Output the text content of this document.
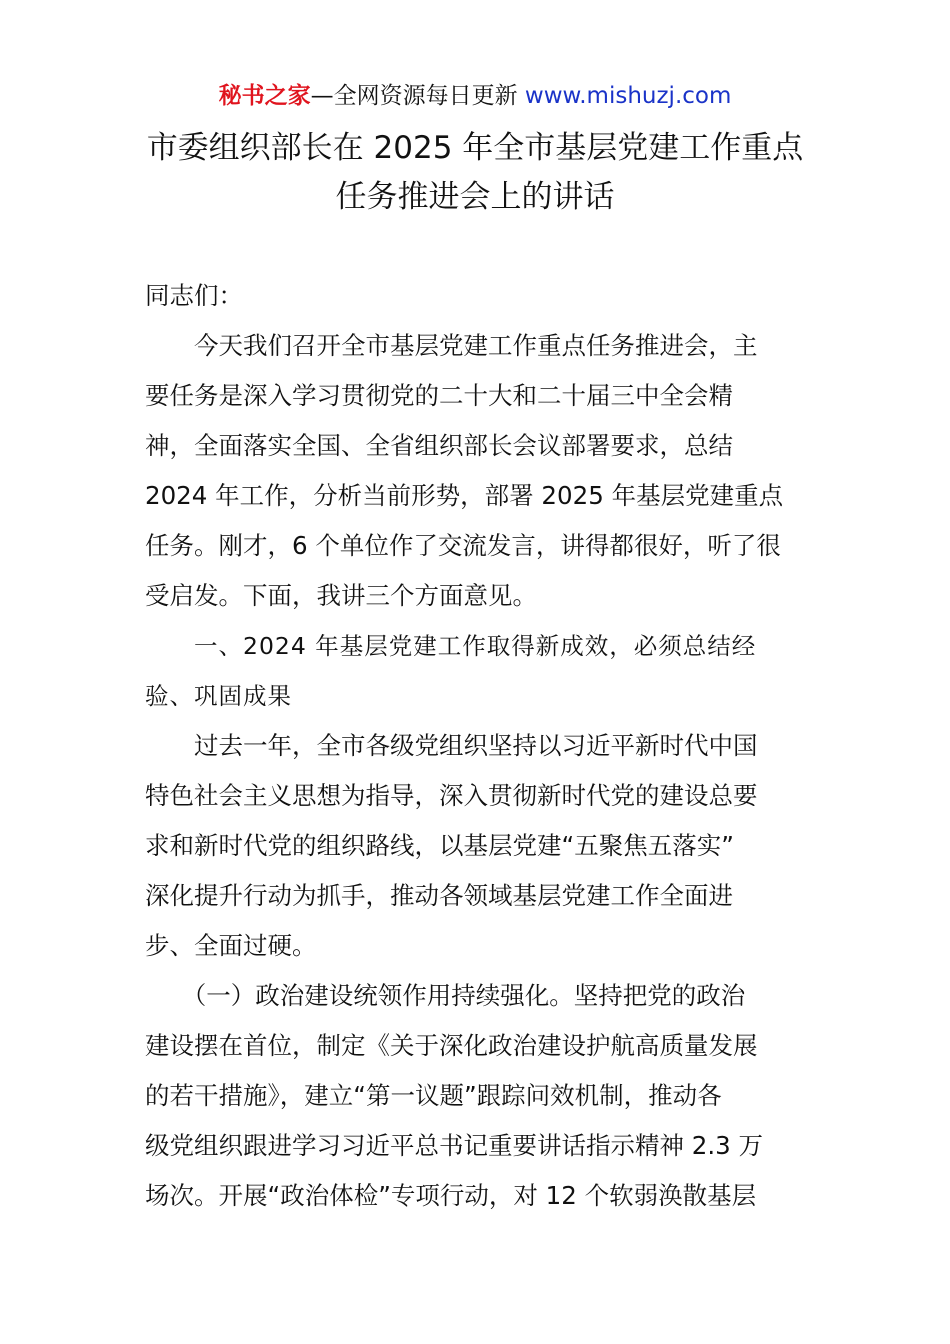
秘书之家—全网资源每日更新 www.mishuzj.com
市委组织部长在 2025 年全市基层党建工作重点
任务推进会上的讲话
同志们：
　　今天我们召开全市基层党建工作重点任务推进会，主
要任务是深入学习贯彻党的二十大和二十届三中全会精
神，全面落实全国、全省组织部长会议部署要求，总结
2024 年工作，分析当前形势，部署 2025 年基层党建重点
任务。刚才，6 个单位作了交流发言，讲得都很好，听了很
受启发。下面，我讲三个方面意见。
　　一、2024 年基层党建工作取得新成效，必须总结经
验、巩固成果
　　过去一年，全市各级党组织坚持以习近平新时代中国
特色社会主义思想为指导，深入贯彻新时代党的建设总要
求和新时代党的组织路线，以基层党建“五聚焦五落实”
深化提升行动为抓手，推动各领域基层党建工作全面进
步、全面过硬。
　　（一）政治建设统领作用持续强化。坚持把党的政治
建设摆在首位，制定《关于深化政治建设护航高质量发展
的若干措施》，建立“第一议题”跟踪问效机制，推动各
级党组织跟进学习习近平总书记重要讲话指示精神 2.3 万
场次。开展“政治体检”专项行动，对 12 个软弱涣散基层
